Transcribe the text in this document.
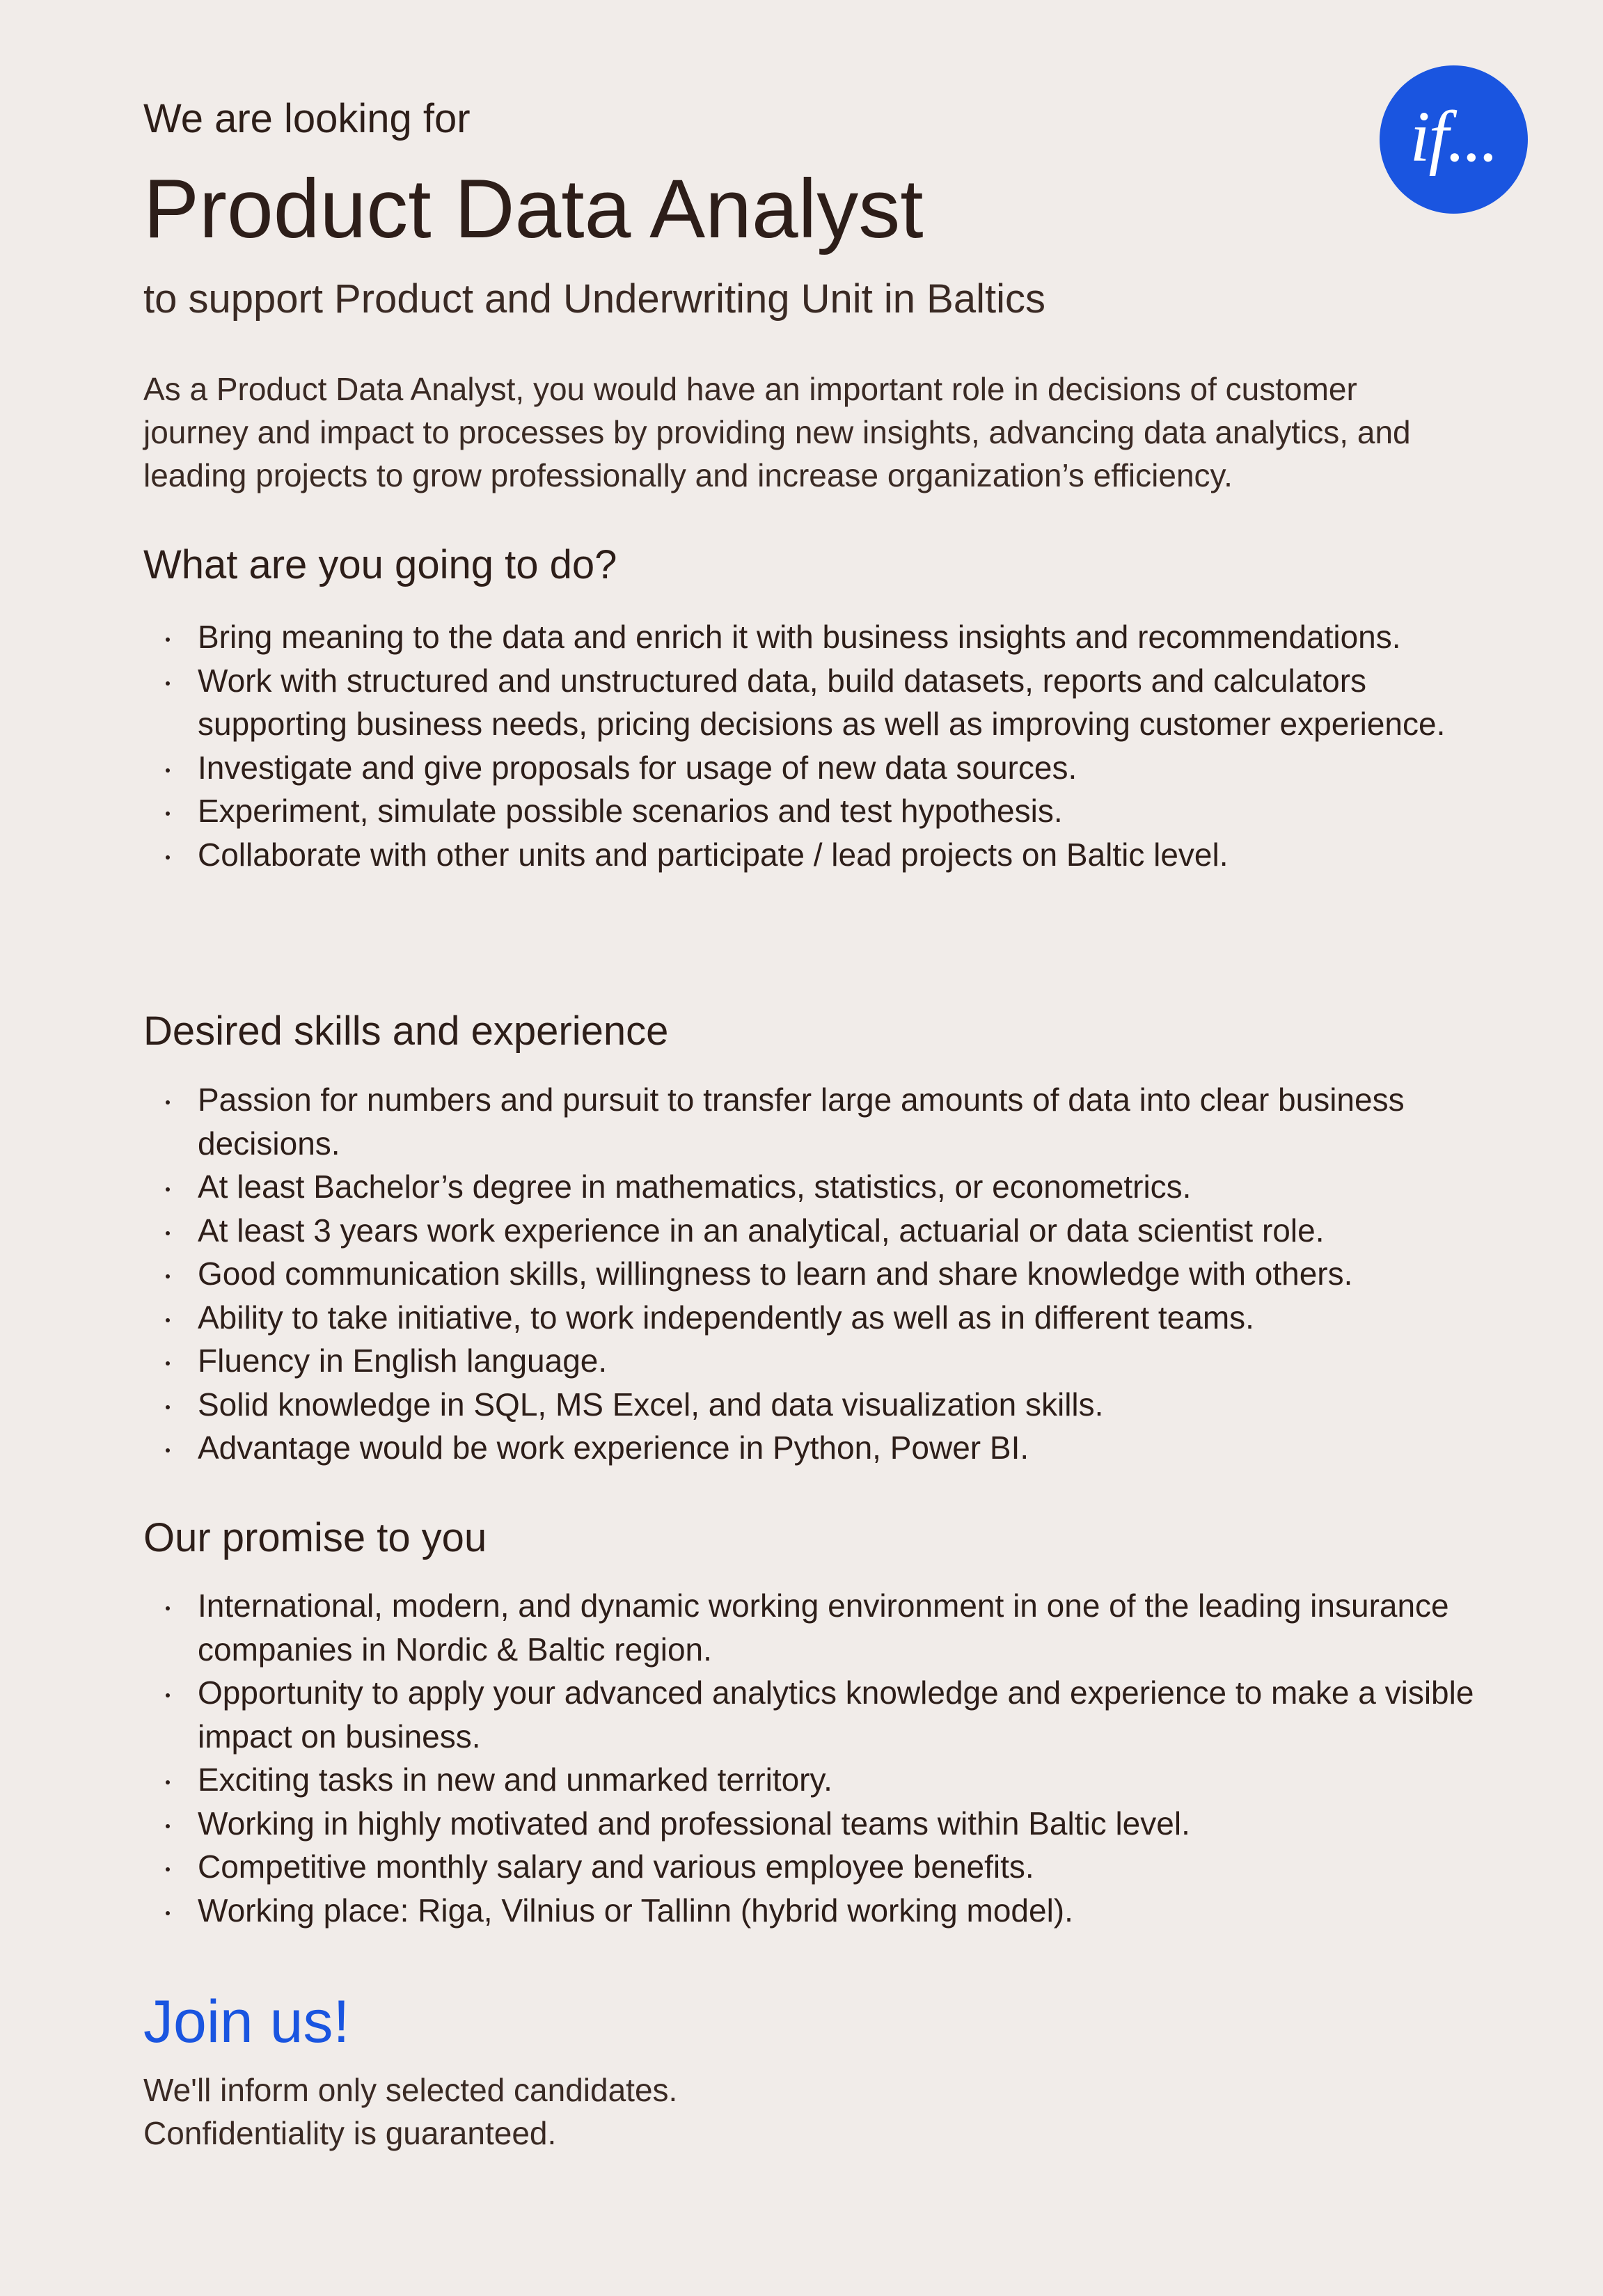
if...
We are looking for
Product Data Analyst
to support Product and Underwriting Unit in Baltics
As a Product Data Analyst, you would have an important role in decisions of customer journey and impact to processes by providing new insights, advancing data analytics, and leading projects to grow professionally and increase organization’s efficiency.
What are you going to do?
Bring meaning to the data and enrich it with business insights and recommendations.
Work with structured and unstructured data, build datasets, reports and calculators supporting business needs, pricing decisions as well as improving customer experience.
Investigate and give proposals for usage of new data sources.
Experiment, simulate possible scenarios and test hypothesis.
Collaborate with other units and participate / lead projects on Baltic level.
Desired skills and experience
Passion for numbers and pursuit to transfer large amounts of data into clear business decisions.
At least Bachelor’s degree in mathematics, statistics, or econometrics.
At least 3 years work experience in an analytical, actuarial or data scientist role.
Good communication skills, willingness to learn and share knowledge with others.
Ability to take initiative, to work independently as well as in different teams.
Fluency in English language.
Solid knowledge in SQL, MS Excel, and data visualization skills.
Advantage would be work experience in Python, Power BI.
Our promise to you
International, modern, and dynamic working environment in one of the leading insurance companies in Nordic & Baltic region.
Opportunity to apply your advanced analytics knowledge and experience to make a visible impact on business.
Exciting tasks in new and unmarked territory.
Working in highly motivated and professional teams within Baltic level.
Competitive monthly salary and various employee benefits.
Working place: Riga, Vilnius or Tallinn (hybrid working model).
Join us!
We'll inform only selected candidates.
Confidentiality is guaranteed.
